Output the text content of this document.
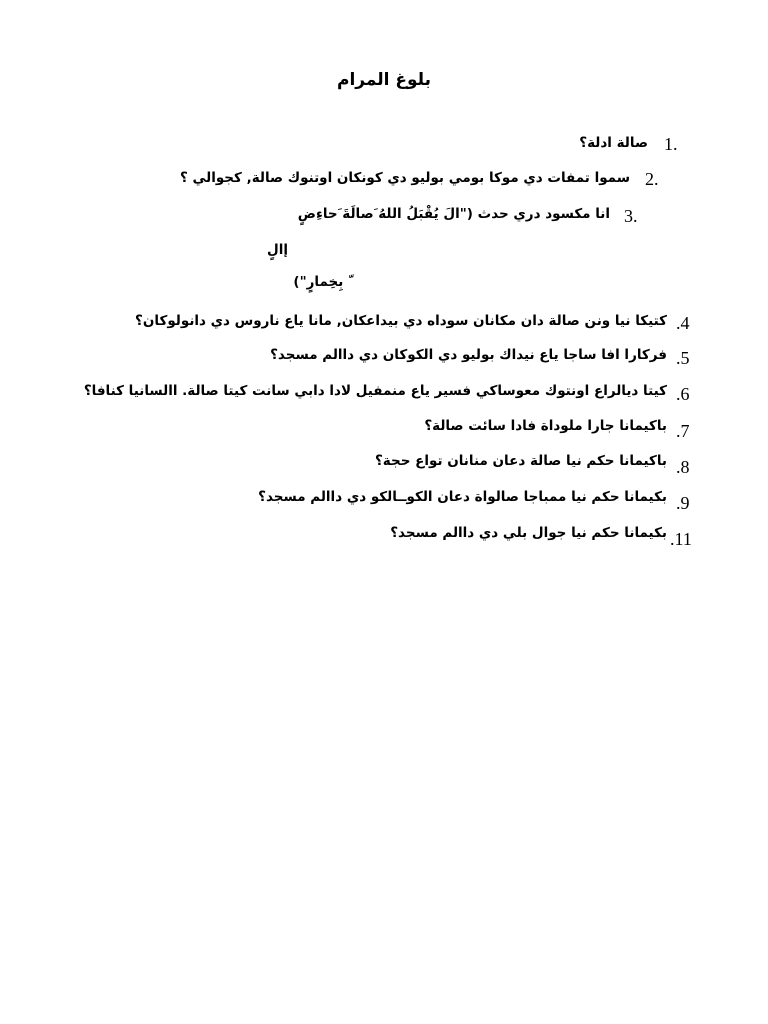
بلوغ المرام
1.
صالة ادلة؟
2.
سموا تمفات دي موكا بومي بوليو دي كونكان اوتنوك صالة, كجوالي ؟
3.
انا مكسود دري حدث ("الَ يُقْبَلُ اللهُ َصالَةَ َحاءِضٍ
إالٍ
ّ بِخِمارٍ")
.4
كتيكا نيا ونن صالة دان مكانان سوداه دي بيداعكان, مانا ياع ناروس دي دانولوكان؟
.5
فركارا افا ساجا ياع نيداك بوليو دي الكوكان دي داالم مسجد؟
.6
كيتا ديالراع اونتوك معوساكي فسير ياع منمفيل لادا دابي سانت كيتا صالة. االسانيا كنافا؟
.7
باكيمانا جارا ملوداة فادا سائت صالة؟
.8
باكيمانا حكم نيا صالة دعان منانان تواع حجة؟
.9
بكيمانا حكم نيا ممباجا صالواة دعان الكوــالكو دي داالم مسجد؟
.11
بكيمانا حكم نيا جوال بلي دي داالم مسجد؟
